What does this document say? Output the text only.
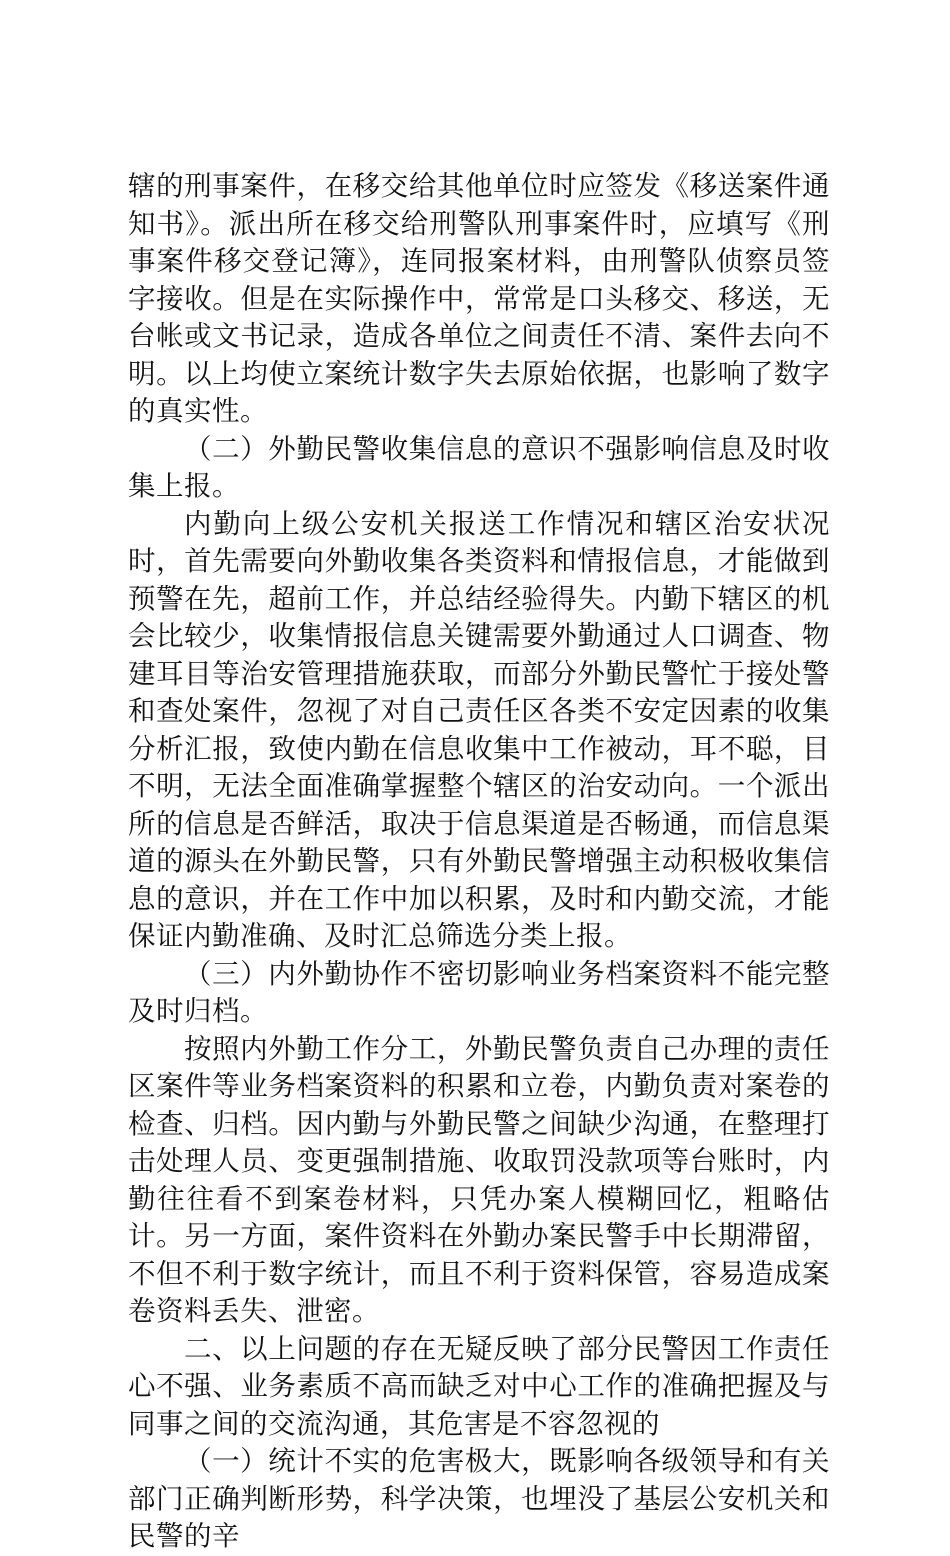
辖的刑事案件，在移交给其他单位时应签发《移送案件通知书》。派出所在移交给刑警队刑事案件时，应填写《刑事案件移交登记簿》，连同报案材料，由刑警队侦察员签字接收。但是在实际操作中，常常是口头移交、移送，无台帐或文书记录，造成各单位之间责任不清、案件去向不明。以上均使立案统计数字失去原始依据，也影响了数字的真实性。

（二）外勤民警收集信息的意识不强影响信息及时收集上报。

内勤向上级公安机关报送工作情况和辖区治安状况时，首先需要向外勤收集各类资料和情报信息，才能做到预警在先，超前工作，并总结经验得失。内勤下辖区的机会比较少，收集情报信息关键需要外勤通过人口调查、物建耳目等治安管理措施获取，而部分外勤民警忙于接处警和查处案件，忽视了对自己责任区各类不安定因素的收集分析汇报，致使内勤在信息收集中工作被动，耳不聪，目不明，无法全面准确掌握整个辖区的治安动向。一个派出所的信息是否鲜活，取决于信息渠道是否畅通，而信息渠道的源头在外勤民警，只有外勤民警增强主动积极收集信息的意识，并在工作中加以积累，及时和内勤交流，才能保证内勤准确、及时汇总筛选分类上报。

（三）内外勤协作不密切影响业务档案资料不能完整及时归档。

按照内外勤工作分工，外勤民警负责自己办理的责任区案件等业务档案资料的积累和立卷，内勤负责对案卷的检查、归档。因内勤与外勤民警之间缺少沟通，在整理打击处理人员、变更强制措施、收取罚没款项等台账时，内勤往往看不到案卷材料，只凭办案人模糊回忆，粗略估计。另一方面，案件资料在外勤办案民警手中长期滞留，不但不利于数字统计，而且不利于资料保管，容易造成案卷资料丢失、泄密。

二、以上问题的存在无疑反映了部分民警因工作责任心不强、业务素质不高而缺乏对中心工作的准确把握及与同事之间的交流沟通，其危害是不容忽视的

（一）统计不实的危害极大，既影响各级领导和有关部门正确判断形势，科学决策，也埋没了基层公安机关和民警的辛
